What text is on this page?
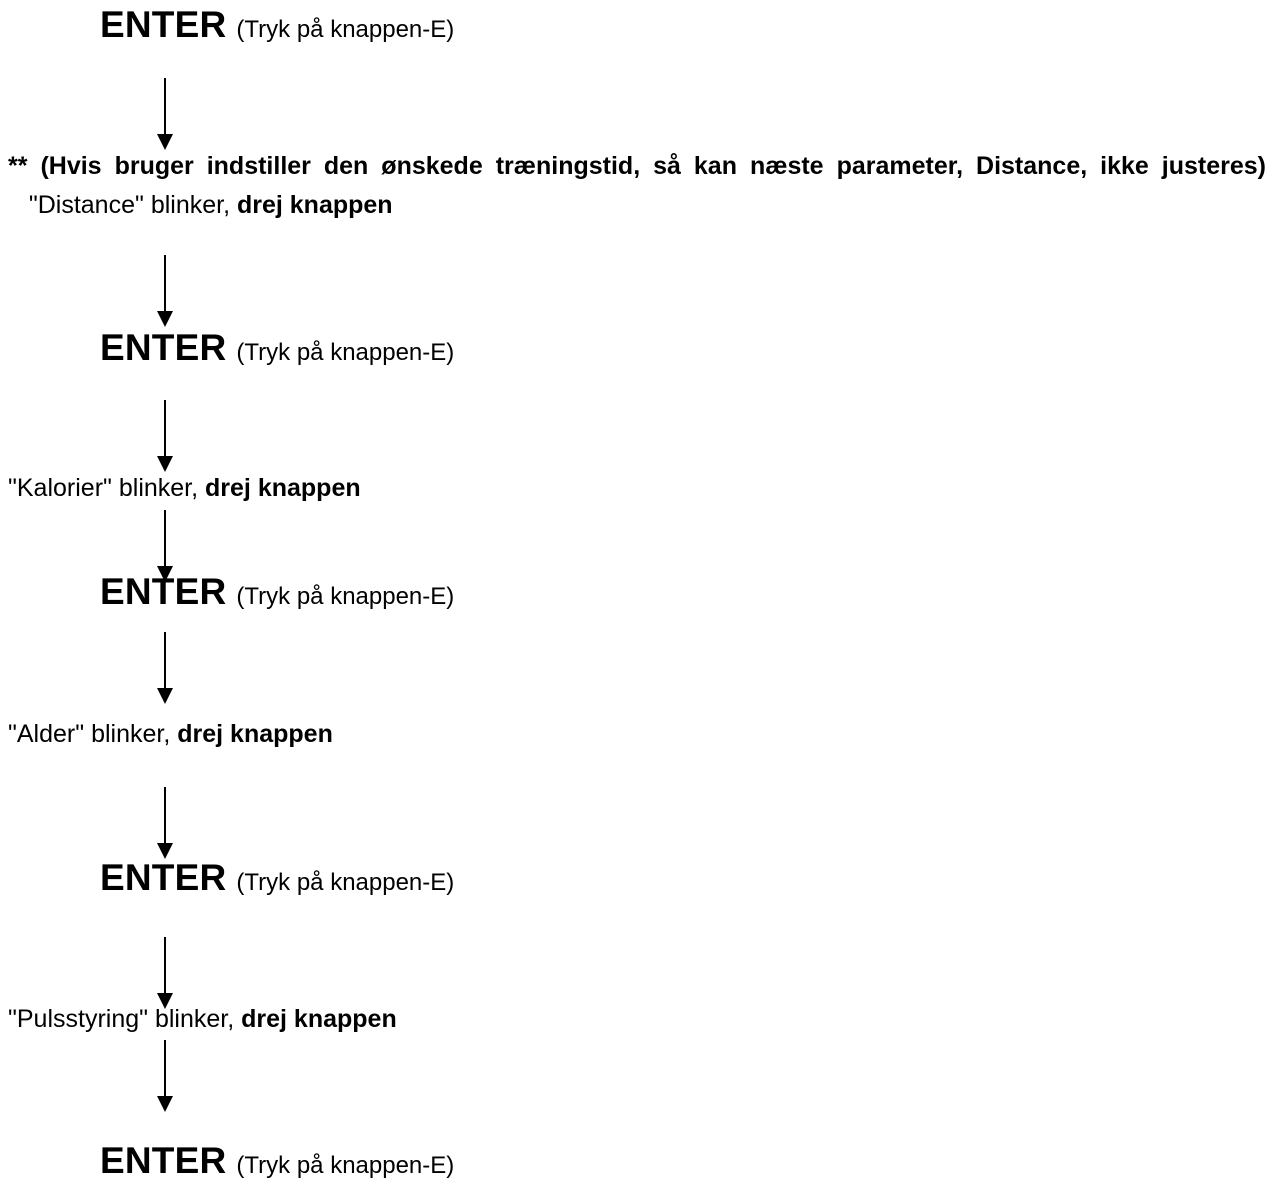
ENTER (Tryk på knappen-E)
** (Hvis bruger indstiller den ønskede træningstid, så kan næste parameter, Distance, ikke justeres)    "Distance" blinker, drej knappen
ENTER (Tryk på knappen-E)
"Kalorier" blinker, drej knappen
ENTER (Tryk på knappen-E)
"Alder" blinker, drej knappen
ENTER (Tryk på knappen-E)
"Pulsstyring" blinker, drej knappen
ENTER (Tryk på knappen-E)
